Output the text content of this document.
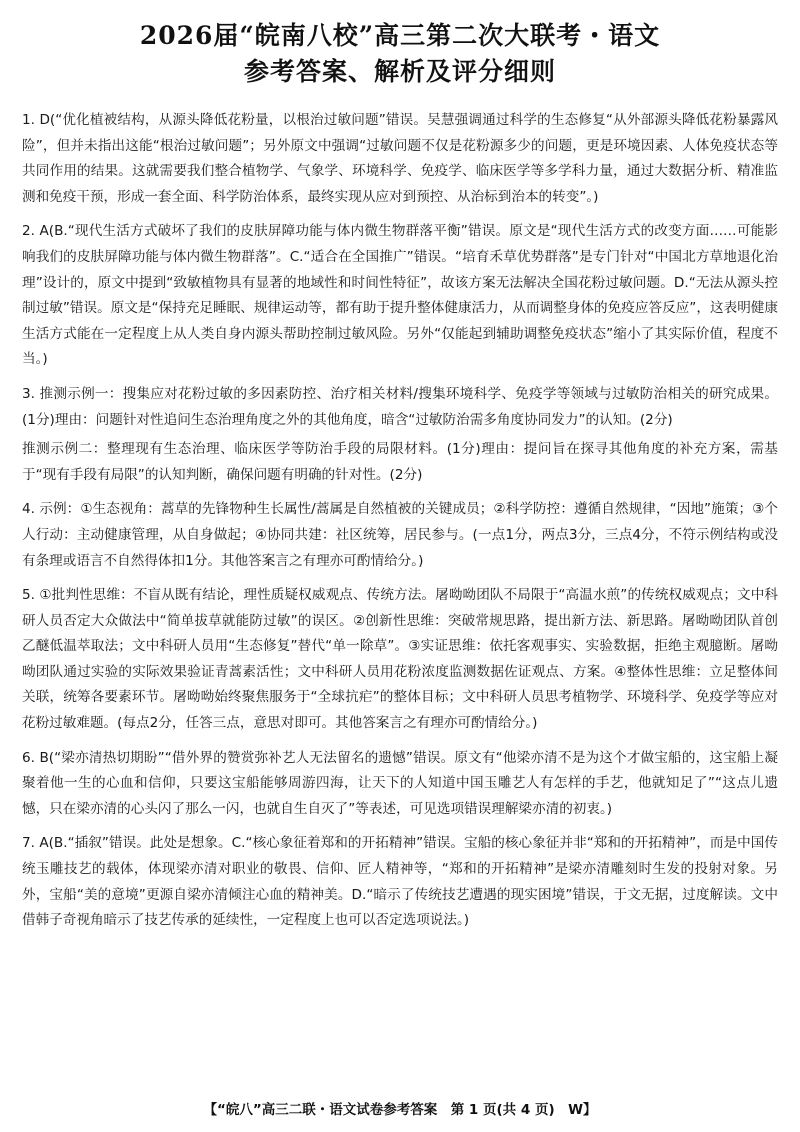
2026届“皖南八校”高三第二次大联考・语文
参考答案、解析及评分细则

1. D(“优化植被结构，从源头降低花粉量，以根治过敏问题”错误。吴慧强调通过科学的生态修复“从外部源头降低花粉暴露风险”，但并未指出这能“根治过敏问题”；另外原文中强调“过敏问题不仅是花粉源多少的问题，更是环境因素、人体免疫状态等共同作用的结果。这就需要我们整合植物学、气象学、环境科学、免疫学、临床医学等多学科力量，通过大数据分析、精准监测和免疫干预，形成一套全面、科学防治体系，最终实现从应对到预控、从治标到治本的转变”。)

2. A(B.“现代生活方式破坏了我们的皮肤屏障功能与体内微生物群落平衡”错误。原文是“现代生活方式的改变方面……可能影响我们的皮肤屏障功能与体内微生物群落”。C.“适合在全国推广”错误。“培育禾草优势群落”是专门针对“中国北方草地退化治理”设计的，原文中提到“致敏植物具有显著的地域性和时间性特征”，故该方案无法解决全国花粉过敏问题。D.“无法从源头控制过敏”错误。原文是“保持充足睡眠、规律运动等，都有助于提升整体健康活力，从而调整身体的免疫应答反应”，这表明健康生活方式能在一定程度上从人类自身内源头帮助控制过敏风险。另外“仅能起到辅助调整免疫状态”缩小了其实际价值，程度不当。)

3. 推测示例一：搜集应对花粉过敏的多因素防控、治疗相关材料/搜集环境科学、免疫学等领域与过敏防治相关的研究成果。(1分)理由：问题针对性追问生态治理角度之外的其他角度，暗含“过敏防治需多角度协同发力”的认知。(2分)

推测示例二：整理现有生态治理、临床医学等防治手段的局限材料。(1分)理由：提问旨在探寻其他角度的补充方案，需基于“现有手段有局限”的认知判断，确保问题有明确的针对性。(2分)

4. 示例：①生态视角：蒿草的先锋物种生长属性/蒿属是自然植被的关键成员；②科学防控：遵循自然规律，“因地”施策；③个人行动：主动健康管理，从自身做起；④协同共建：社区统筹，居民参与。(一点1分，两点3分，三点4分，不符示例结构或没有条理或语言不自然得体扣1分。其他答案言之有理亦可酌情给分。)

5. ①批判性思维：不盲从既有结论，理性质疑权威观点、传统方法。屠呦呦团队不局限于“高温水煎”的传统权威观点；文中科研人员否定大众做法中“简单拔草就能防过敏”的误区。②创新性思维：突破常规思路，提出新方法、新思路。屠呦呦团队首创乙醚低温萃取法；文中科研人员用“生态修复”替代“单一除草”。③实证思维：依托客观事实、实验数据，拒绝主观臆断。屠呦呦团队通过实验的实际效果验证青蒿素活性；文中科研人员用花粉浓度监测数据佐证观点、方案。④整体性思维：立足整体间关联，统筹各要素环节。屠呦呦始终聚焦服务于“全球抗疟”的整体目标；文中科研人员思考植物学、环境科学、免疫学等应对花粉过敏难题。(每点2分，任答三点，意思对即可。其他答案言之有理亦可酌情给分。)

6. B(“梁亦清热切期盼”“借外界的赞赏弥补艺人无法留名的遗憾”错误。原文有“他梁亦清不是为这个才做宝船的，这宝船上凝聚着他一生的心血和信仰，只要这宝船能够周游四海，让天下的人知道中国玉雕艺人有怎样的手艺，他就知足了”“这点儿遗憾，只在梁亦清的心头闪了那么一闪，也就自生自灭了”等表述，可见选项错误理解梁亦清的初衷。)

7. A(B.“插叙”错误。此处是想象。C.“核心象征着郑和的开拓精神”错误。宝船的核心象征并非“郑和的开拓精神”，而是中国传统玉雕技艺的载体，体现梁亦清对职业的敬畏、信仰、匠人精神等，“郑和的开拓精神”是梁亦清雕刻时生发的投射对象。另外，宝船“美的意境”更源自梁亦清倾注心血的精神美。D.“暗示了传统技艺遭遇的现实困境”错误，于文无据，过度解读。文中借韩子奇视角暗示了技艺传承的延续性，一定程度上也可以否定选项说法。)

【“皖八”高三二联・语文试卷参考答案　第 1 页(共 4 页)　W】
